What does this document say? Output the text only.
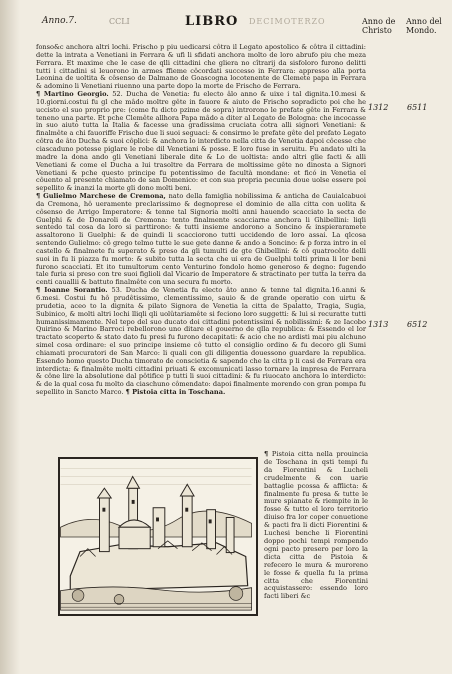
Anno.7.	CCLI	LIBRO DECIMOTERZO	Anno de
Christo
Anno del
Mondo.

fonso&c anchora altri lochi. Frischo p piu uedicarsi côtra il Legato apostolico & côtra il cittadini: dette la intrata a Venetiani in Ferrara & ufi li sfidati anchora molto de loro abrufo piu che meza Ferrara. Et maxime che le case de qlli cittadini che gliera no cîtrarij da sisfoloro furono delitti tutti i cittadini si leuorono in armes ffieme côcordati successo in Ferrara: appresso alla porta Leonina de uoltita & côsenso de Dalmano de Goascogna locotenente de Clemete papa in Ferrara & adomino li Venetiani riuenno una parte dopo la morte de Frischo de Ferrara.

¶ Martino Georgio. 52. Ducha de Venetia: fu electo âlo anno & uixe i tal dignita.10.mesi & 10.giorni.costui fu gl che mâdo moltre gête in fauore & aiuto de Frischo sopradicto poi che he uccisto el suo proprio pre: (come fu dicto pzime de sopra) introrono le prefate gête in Ferrara & teneno una parte. Et pche Clemête allhora Papa mâdo a diter al Legato de Bologna: che incocasse in suo aiuto tutta la Italia & facesse una gradissima cruciata cotra alli signori Venetiani: & finalmête a chi fauoriffe Frischo due li suoi seguaci: & consirmo le prefate gête del prefato Legato côtra de âto Ducha & suoi côplici: & anchora lo interdicto nella citta de Venetia dapoi côcesse che ciascaduno potesse piglare le robe dil Venetiani & posse. E loro fuse in seruitu. Fu andato ulti la madre la dona ando gli Venetiani liberale dite & Lo de uoltista: ando altri glie facti & alli Venetiani & come el Ducha a lui trasoltre da Ferrara de moltissime gête no dinosta a Signori Venetiani & pche questo principe fu potentissimo de facultà mondane: et ficó in Venetia el côuento al presente chiamato de san Domenico: et con sua propria pecunia doue uolse essere poi sepellito & inanzi la morte gli dono molti beni.

¶ Gulielmo Marchese de Cremona, nato della famiglia nobilissima & anticha de Cauialcabuoi da Cremona, hô ueramente preclarissimo & degnoprese el dominio de alla citta con uolita & côsenso de Arrigo Imperatore: & tenne tal Signoria molti anni hauendo scacciato la secta de Guelphi & de Donaroli de Cremona: tento finalmente scacciarne anchora li Ghibellini: liqli sentedo tal cosa da loro si parttirono: & tutti insieme andorono a Soncino & inspieraramete assaltorono li Guelphi: & de quindi li scacciorono tutti uccidendo de loro assai. La qlcosa sentendo Gulielmo: cô grego telmo tutte le sue gete danne & ando a Soncino: & p forza intro in el castello & finalmete fu superato & preso da gli tumulti de gte Ghibellini: & cô quatrocêto delli suoi in fu li piazza fu morto: & subito tutta la secta che ui era de Guelphi tolti prima li lor beni furono scacciati. Et ito tumultorum cento Venturino fondolo homo generoso & degno: fugendo tale furia si preso con tre suoi figlioli dal Vicario de Imperatore & stractinato per tutta la terra da centi cauallii & battuto finalmête con una secura fu morto.

¶ Ioanne Sorantio. 53. Ducha de Venetia fu electo âto anno & tenne tal dignita.16.anni & 6.mesi. Costui fu hô prudêtissimo, clementissimo, sauio & de grande operatio con uirtu & prudetia, aceo to la dignita & pilato Signora de Venetia la citta de Spalatto, Tragia, Sugia, Subinico, & molti altri lochi lliqli qli uolûtariamête si feciono loro suggetti: & lui si recuratte tutti humanissimamente. Nel tepo del suo ducato doi cittadini potentissimi & nobilissimi: & ze Iacobo Quirino & Marino Barroci rebellorono uno ditare el gouerno de qlla republica: & Essendo el lor tractato scoperto & stato dato fu presi fu furono decapitati: & acio che no ardisti mai piu alchuno simel cosa ordinare: el suo principe insieme cô tutto el consiglio ordino & fu decoro gli Sumi chiamati procuratori de San Marco: li quali con gli diligentia douessono guardare la republica. Essendo homo questo Ducha timorato de conscietia & sapendo che la citta p li casi de Ferrara era interdicta: & finalmête molti cittadini priuati & excomunicati lasso tornare la impresa de Ferrara & cône lire la absolutione dal pôtifice p tutti li suoi cittadini: & fu riuocato anchora lo interdicto: & de la qual cosa fu molto da ciaschuno cômendato: dapoi finalmente morendo con gran pompa fu sepellito in Sancto Marco. ¶ Pistoia citta in Toschana.

1312 6511
1313 6512

¶ Pistoia citta nella prouincia de Toschana in qsti tempi fu da Fiorentini & Lucheli crudelmente & con uarie battaglie pcossa & afflicta: & finalmente fu presa & tutte le mure spianate & riempite in le fosse & tutto el loro territorio diuiso fra lor coper conuetione & pacti fra li dicti Fiorentini & Luchesi benche li Fiorentini doppo pochi tempi rompendo ogni pacto presero per loro la dicta citta de Pistoia & refecero le mura & muroreno le fosse & quella fu la prima citta che Fiorentini acquistassero: essendo loro facti liberi &c
